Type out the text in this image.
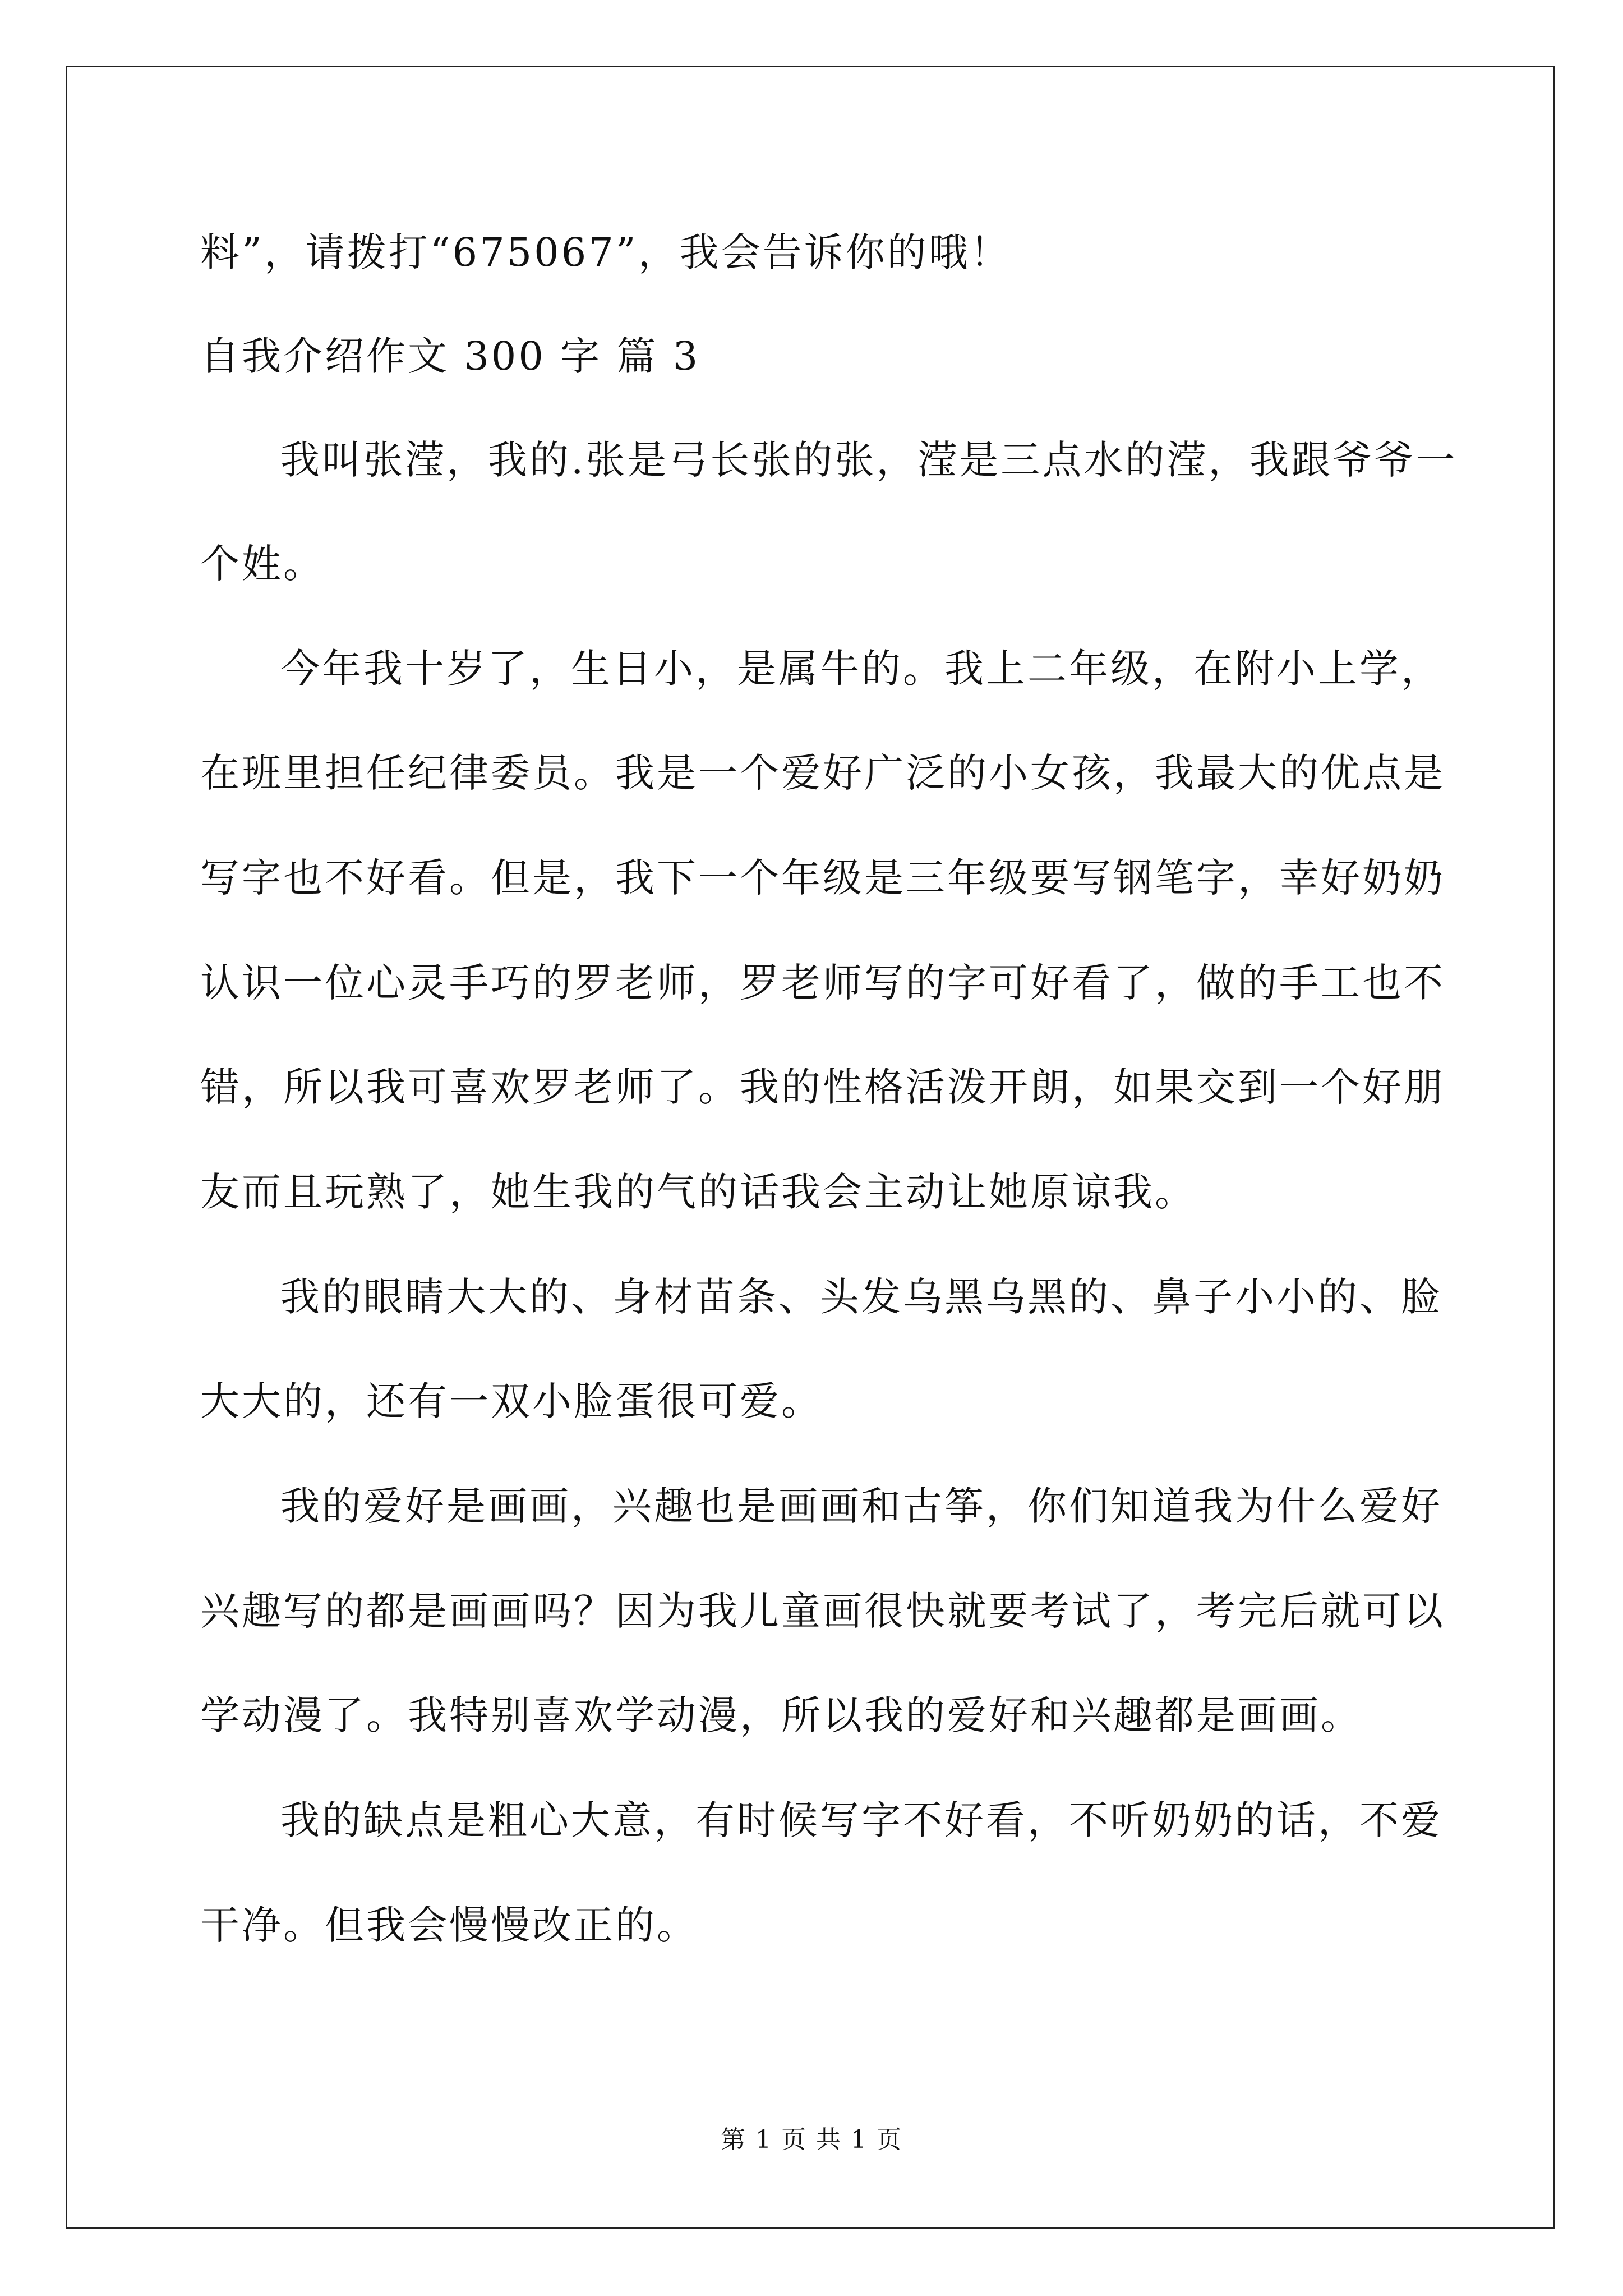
料”，请拨打“675067”，我会告诉你的哦！
自我介绍作文 300 字 篇 3
我叫张滢，我的.张是弓长张的张，滢是三点水的滢，我跟爷爷一
个姓。
今年我十岁了，生日小，是属牛的。我上二年级，在附小上学，
在班里担任纪律委员。我是一个爱好广泛的小女孩，我最大的优点是
写字也不好看。但是，我下一个年级是三年级要写钢笔字，幸好奶奶
认识一位心灵手巧的罗老师，罗老师写的字可好看了，做的手工也不
错，所以我可喜欢罗老师了。我的性格活泼开朗，如果交到一个好朋
友而且玩熟了，她生我的气的话我会主动让她原谅我。
我的眼睛大大的、身材苗条、头发乌黑乌黑的、鼻子小小的、脸
大大的，还有一双小脸蛋很可爱。
我的爱好是画画，兴趣也是画画和古筝，你们知道我为什么爱好
兴趣写的都是画画吗？因为我儿童画很快就要考试了，考完后就可以
学动漫了。我特别喜欢学动漫，所以我的爱好和兴趣都是画画。
我的缺点是粗心大意，有时候写字不好看，不听奶奶的话，不爱
干净。但我会慢慢改正的。
第 1 页 共 1 页
